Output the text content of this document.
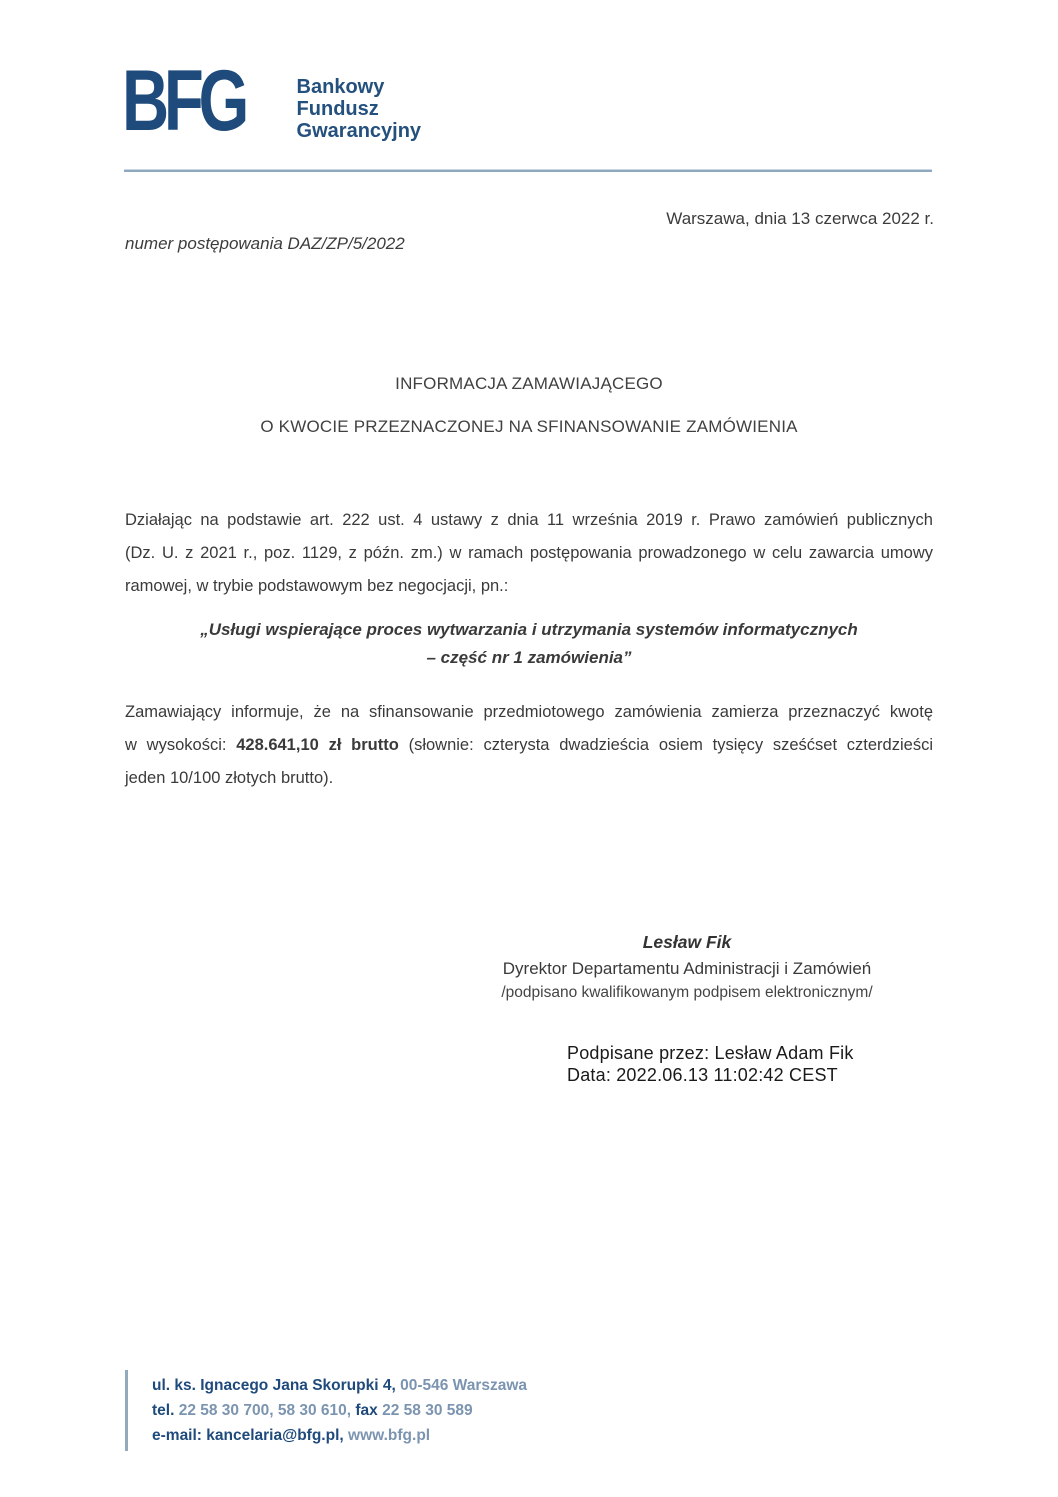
BFG	Bankowy
Fundusz
Gwarancyjny
Warszawa, dnia 13 czerwca 2022 r.
numer postępowania DAZ/ZP/5/2022
INFORMACJA ZAMAWIAJĄCEGO
O KWOCIE PRZEZNACZONEJ NA SFINANSOWANIE ZAMÓWIENIA
Działając na podstawie art. 222 ust. 4 ustawy z dnia 11 września 2019 r. Prawo zamówień publicznych
(Dz. U. z 2021 r., poz. 1129, z późn. zm.) w ramach postępowania prowadzonego w celu zawarcia umowy
ramowej, w trybie podstawowym bez negocjacji, pn.:
„Usługi wspierające proces wytwarzania i utrzymania systemów informatycznych
– część nr 1 zamówienia”
Zamawiający informuje, że na sfinansowanie przedmiotowego zamówienia zamierza przeznaczyć kwotę
w wysokości: 428.641,10 zł brutto (słownie: czterysta dwadzieścia osiem tysięcy sześćset czterdzieści
jeden 10/100 złotych brutto).
Lesław Fik
Dyrektor Departamentu Administracji i Zamówień
/podpisano kwalifikowanym podpisem elektronicznym/
Podpisane przez: Lesław Adam Fik
Data: 2022.06.13 11:02:42 CEST
ul. ks. Ignacego Jana Skorupki 4, 00-546 Warszawa
tel. 22 58 30 700, 58 30 610, fax 22 58 30 589
e-mail: kancelaria@bfg.pl, www.bfg.pl
